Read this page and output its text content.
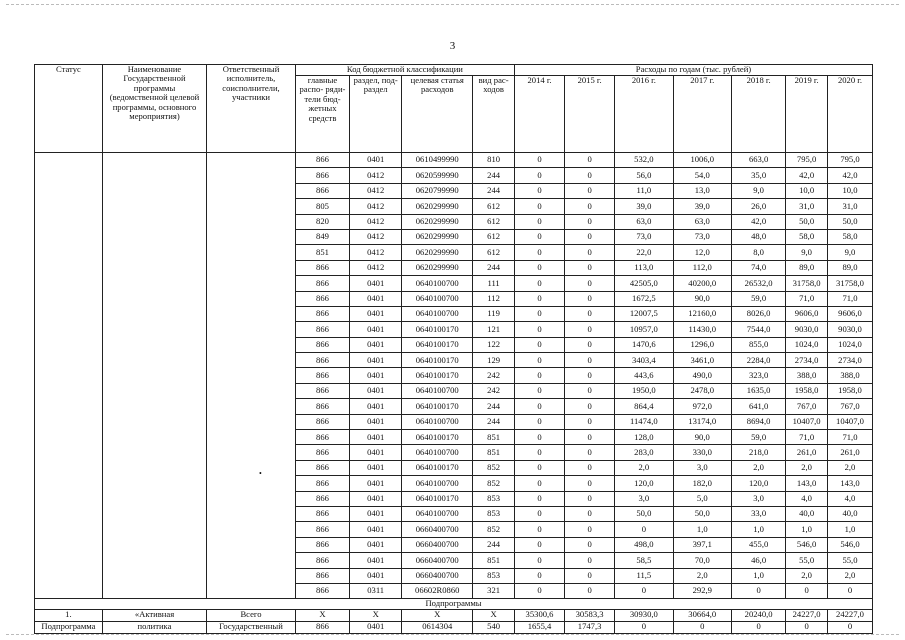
3
Статус	Наименование Государственной программы (ведомственной целевой программы, основного мероприятия)	Ответственный исполнитель, соисполнители, участники	Код бюджетной классификации				Расходы по годам (тыс. рублей)						
			главные распо- ряди- тели бюд- жетных средств	раздел, под- раздел	целевая статья расходов	вид рас- ходов	2014 г.	2015 г.	2016 г.	2017 г.	2018 г.	2019 г.	2020 г.
			866	0401	0610499990	810	0	0	532,0	1006,0	663,0	795,0	795,0
			866	0412	0620599990	244	0	0	56,0	54,0	35,0	42,0	42,0
			866	0412	0620799990	244	0	0	11,0	13,0	9,0	10,0	10,0
			805	0412	0620299990	612	0	0	39,0	39,0	26,0	31,0	31,0
			820	0412	0620299990	612	0	0	63,0	63,0	42,0	50,0	50,0
			849	0412	0620299990	612	0	0	73,0	73,0	48,0	58,0	58,0
			851	0412	0620299990	612	0	0	22,0	12,0	8,0	9,0	9,0
			866	0412	0620299990	244	0	0	113,0	112,0	74,0	89,0	89,0
			866	0401	0640100700	111	0	0	42505,0	40200,0	26532,0	31758,0	31758,0
			866	0401	0640100700	112	0	0	1672,5	90,0	59,0	71,0	71,0
			866	0401	0640100700	119	0	0	12007,5	12160,0	8026,0	9606,0	9606,0
			866	0401	0640100170	121	0	0	10957,0	11430,0	7544,0	9030,0	9030,0
			866	0401	0640100170	122	0	0	1470,6	1296,0	855,0	1024,0	1024,0
			866	0401	0640100170	129	0	0	3403,4	3461,0	2284,0	2734,0	2734,0
			866	0401	0640100170	242	0	0	443,6	490,0	323,0	388,0	388,0
			866	0401	0640100700	242	0	0	1950,0	2478,0	1635,0	1958,0	1958,0
			866	0401	0640100170	244	0	0	864,4	972,0	641,0	767,0	767,0
			866	0401	0640100700	244	0	0	11474,0	13174,0	8694,0	10407,0	10407,0
			866	0401	0640100170	851	0	0	128,0	90,0	59,0	71,0	71,0
			866	0401	0640100700	851	0	0	283,0	330,0	218,0	261,0	261,0
			866	0401	0640100170	852	0	0	2,0	3,0	2,0	2,0	2,0
			866	0401	0640100700	852	0	0	120,0	182,0	120,0	143,0	143,0
			866	0401	0640100170	853	0	0	3,0	5,0	3,0	4,0	4,0
			866	0401	0640100700	853	0	0	50,0	50,0	33,0	40,0	40,0
			866	0401	0660400700	852	0	0	0	1,0	1,0	1,0	1,0
			866	0401	0660400700	244	0	0	498,0	397,1	455,0	546,0	546,0
			866	0401	0660400700	851	0	0	58,5	70,0	46,0	55,0	55,0
			866	0401	0660400700	853	0	0	11,5	2,0	1,0	2,0	2,0
			866	0311	06602R0860	321	0	0	0	292,9	0	0	0
Подпрограммы													
1.	«Активная	Всего	X	X	X	X	35300,6	30583,3	30930,0	30664,0	20240,0	24227,0	24227,0
Подпрограмма	политика	Государственный	866	0401	0614304	540	1655,4	1747,3	0	0	0	0	0
•
